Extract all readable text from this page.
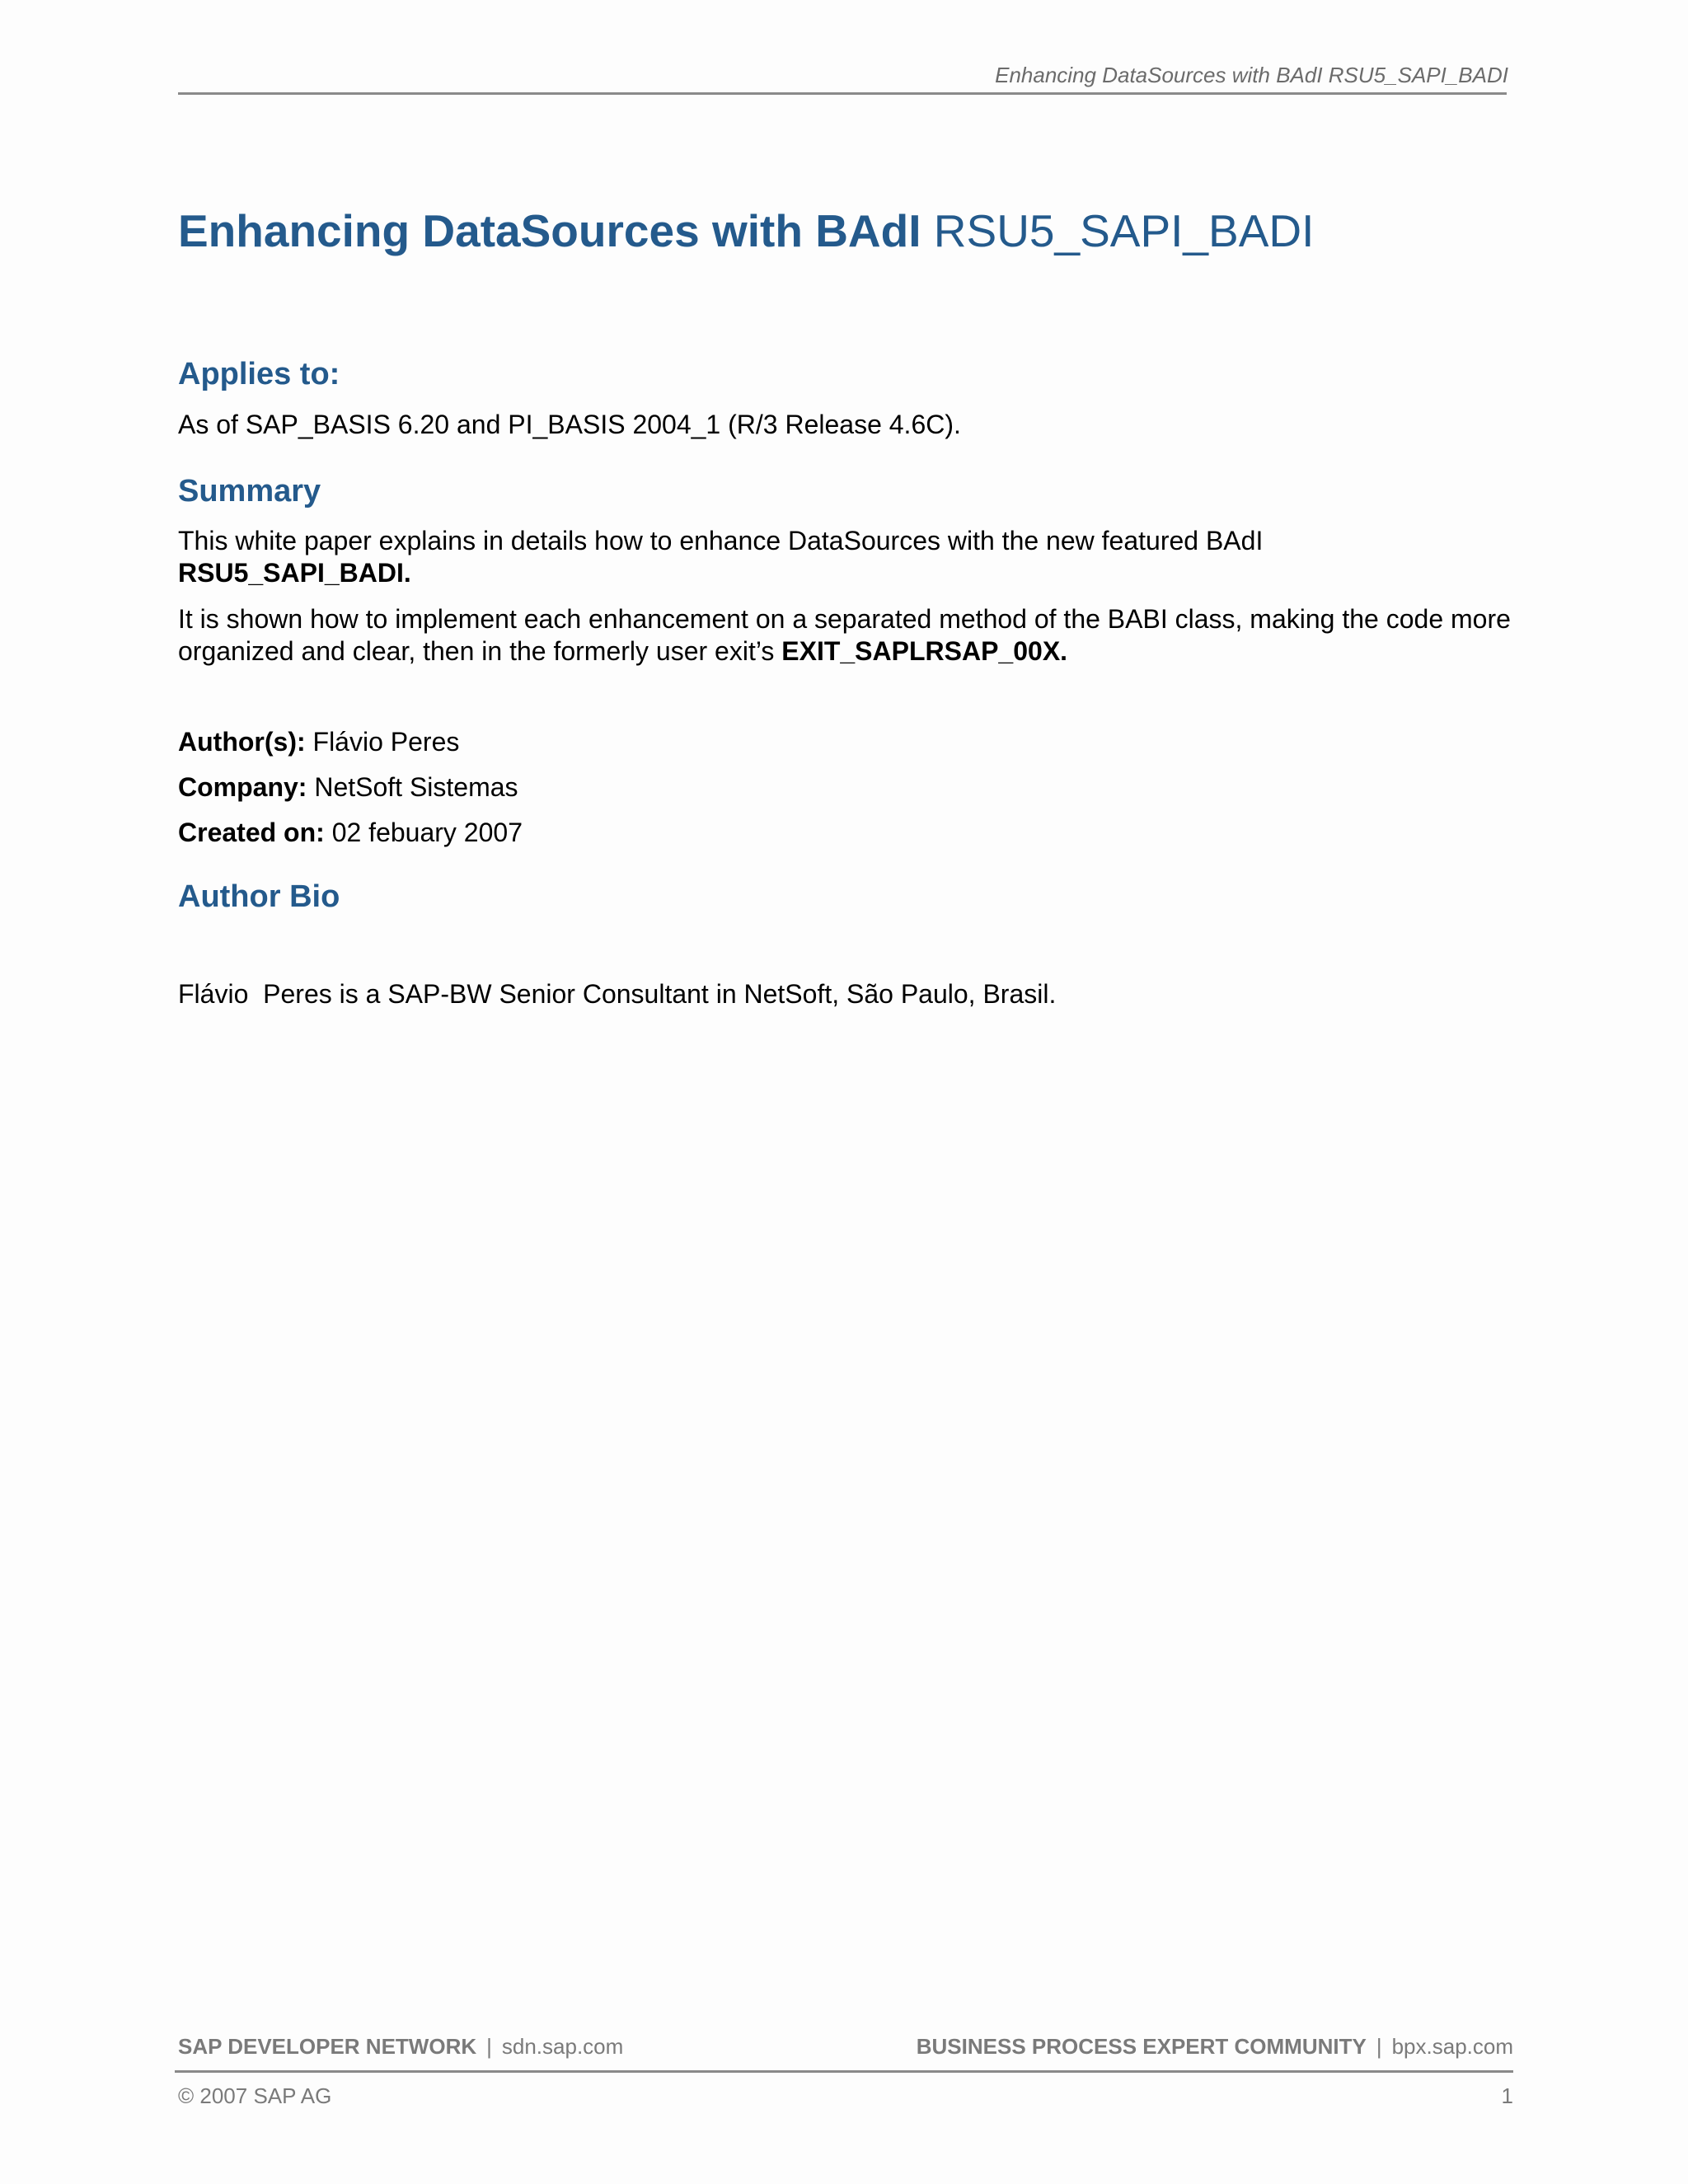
Enhancing DataSources with BAdI RSU5_SAPI_BADI
Enhancing DataSources with BAdI RSU5_SAPI_BADI
Applies to:
As of SAP_BASIS 6.20 and PI_BASIS 2004_1 (R/3 Release 4.6C).
Summary
This white paper explains in details how to enhance DataSources with the new featured BAdI
RSU5_SAPI_BADI.
It is shown how to implement each enhancement on a separated method of the BABI class, making the code more organized and clear, then in the formerly user exit’s EXIT_SAPLRSAP_00X.
Author(s): Flávio Peres
Company: NetSoft Sistemas
Created on: 02 febuary 2007
Author Bio
Flávio  Peres is a SAP-BW Senior Consultant in NetSoft, São Paulo, Brasil.
SAP DEVELOPER NETWORK | sdn.sap.com	BUSINESS PROCESS EXPERT COMMUNITY | bpx.sap.com
© 2007 SAP AG	1
